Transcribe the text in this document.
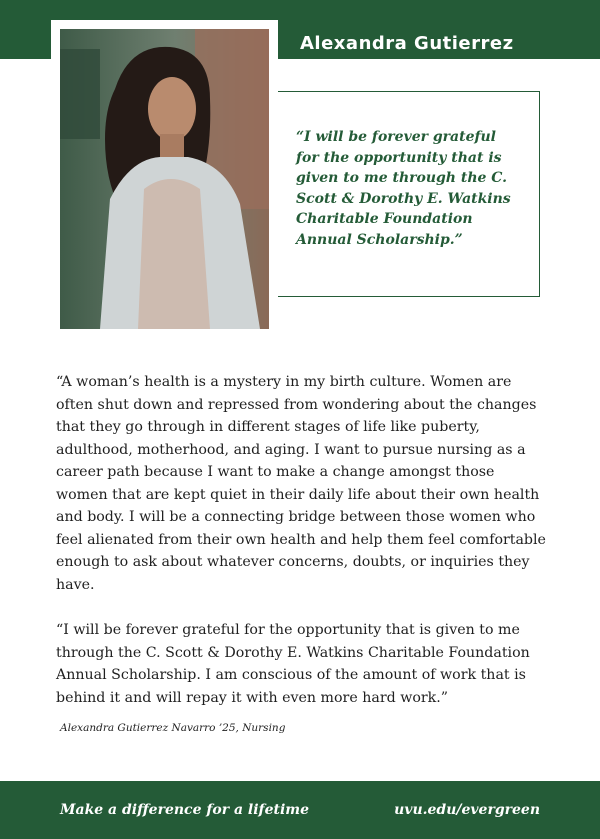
Alexandra Gutierrez
“I will be forever grateful for the opportunity that is given to me through the C. Scott & Dorothy E. Watkins Charitable Foundation Annual Scholarship.”

“A woman’s health is a mystery in my birth culture. Women are often shut down and repressed from wondering about the changes that they go through in different stages of life like puberty, adulthood, motherhood, and aging. I want to pursue nursing as a career path because I want to make a change amongst those women that are kept quiet in their daily life about their own health and body. I will be a connecting bridge between those women who feel alienated from their own health and help them feel comfortable enough to ask about whatever concerns, doubts, or inquiries they have.

“I will be forever grateful for the opportunity that is given to me through the C. Scott & Dorothy E. Watkins Charitable Foundation Annual Scholarship. I am conscious of the amount of work that is behind it and will repay it with even more hard work.”

Alexandra Gutierrez Navarro ’25, Nursing
Make a difference for a lifetime	uvu.edu/evergreen
